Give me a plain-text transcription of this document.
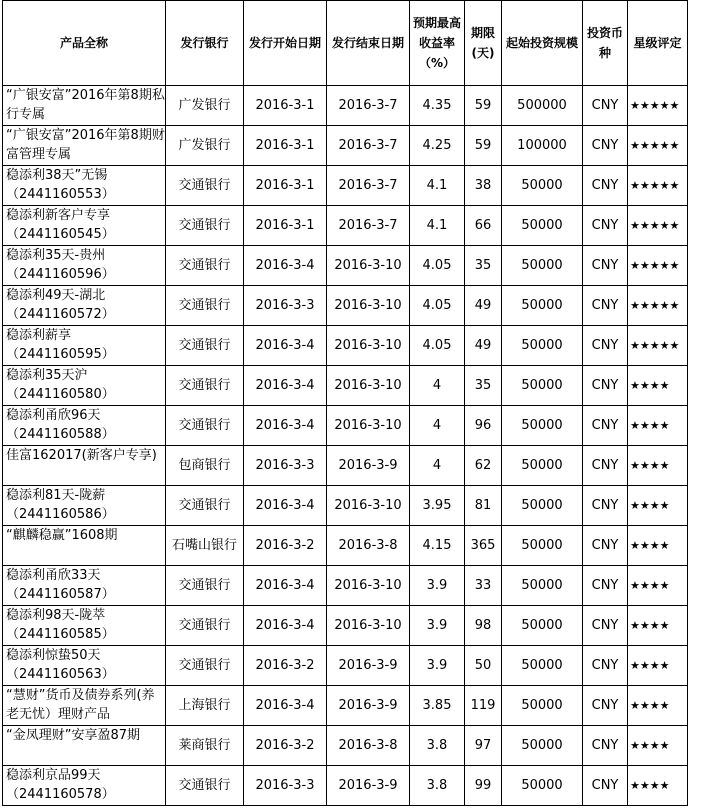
产品全称	发行银行	发行开始日期	发行结束日期	预期最高收益率（%）	期限(天)	起始投资规模	投资币种	星级评定

“广银安富”2016年第8期私行专属	广发银行	2016-3-1	2016-3-7	4.35	59	500000	CNY	★★★★★

“广银安富”2016年第8期财富管理专属	广发银行	2016-3-1	2016-3-7	4.25	59	100000	CNY	★★★★★

稳添利38天”无锡（2441160553）	交通银行	2016-3-1	2016-3-7	4.1	38	50000	CNY	★★★★★

稳添利新客户专享（2441160545）	交通银行	2016-3-1	2016-3-7	4.1	66	50000	CNY	★★★★★

稳添利35天-贵州（2441160596）	交通银行	2016-3-4	2016-3-10	4.05	35	50000	CNY	★★★★★

稳添利49天-湖北（2441160572）	交通银行	2016-3-3	2016-3-10	4.05	49	50000	CNY	★★★★★

稳添利薪享（2441160595）	交通银行	2016-3-4	2016-3-10	4.05	49	50000	CNY	★★★★★

稳添利35天沪（2441160580）	交通银行	2016-3-4	2016-3-10	4	35	50000	CNY	★★★★

稳添利甬欣96天（2441160588）	交通银行	2016-3-4	2016-3-10	4	96	50000	CNY	★★★★

佳富162017(新客户专享)	包商银行	2016-3-3	2016-3-9	4	62	50000	CNY	★★★★

稳添利81天-陇薪（2441160586）	交通银行	2016-3-4	2016-3-10	3.95	81	50000	CNY	★★★★

“麒麟稳赢”1608期	石嘴山银行	2016-3-2	2016-3-8	4.15	365	50000	CNY	★★★★

稳添利甬欣33天（2441160587）	交通银行	2016-3-4	2016-3-10	3.9	33	50000	CNY	★★★★

稳添利98天-陇萃（2441160585）	交通银行	2016-3-4	2016-3-10	3.9	98	50000	CNY	★★★★

稳添利惊蛰50天（2441160563）	交通银行	2016-3-2	2016-3-9	3.9	50	50000	CNY	★★★★

“慧财”货币及债券系列(养老无忧）理财产品	上海银行	2016-3-4	2016-3-9	3.85	119	50000	CNY	★★★★

“金凤理财”安享盈87期	莱商银行	2016-3-2	2016-3-8	3.8	97	50000	CNY	★★★★

稳添利京品99天（2441160578）	交通银行	2016-3-3	2016-3-9	3.8	99	50000	CNY	★★★★
